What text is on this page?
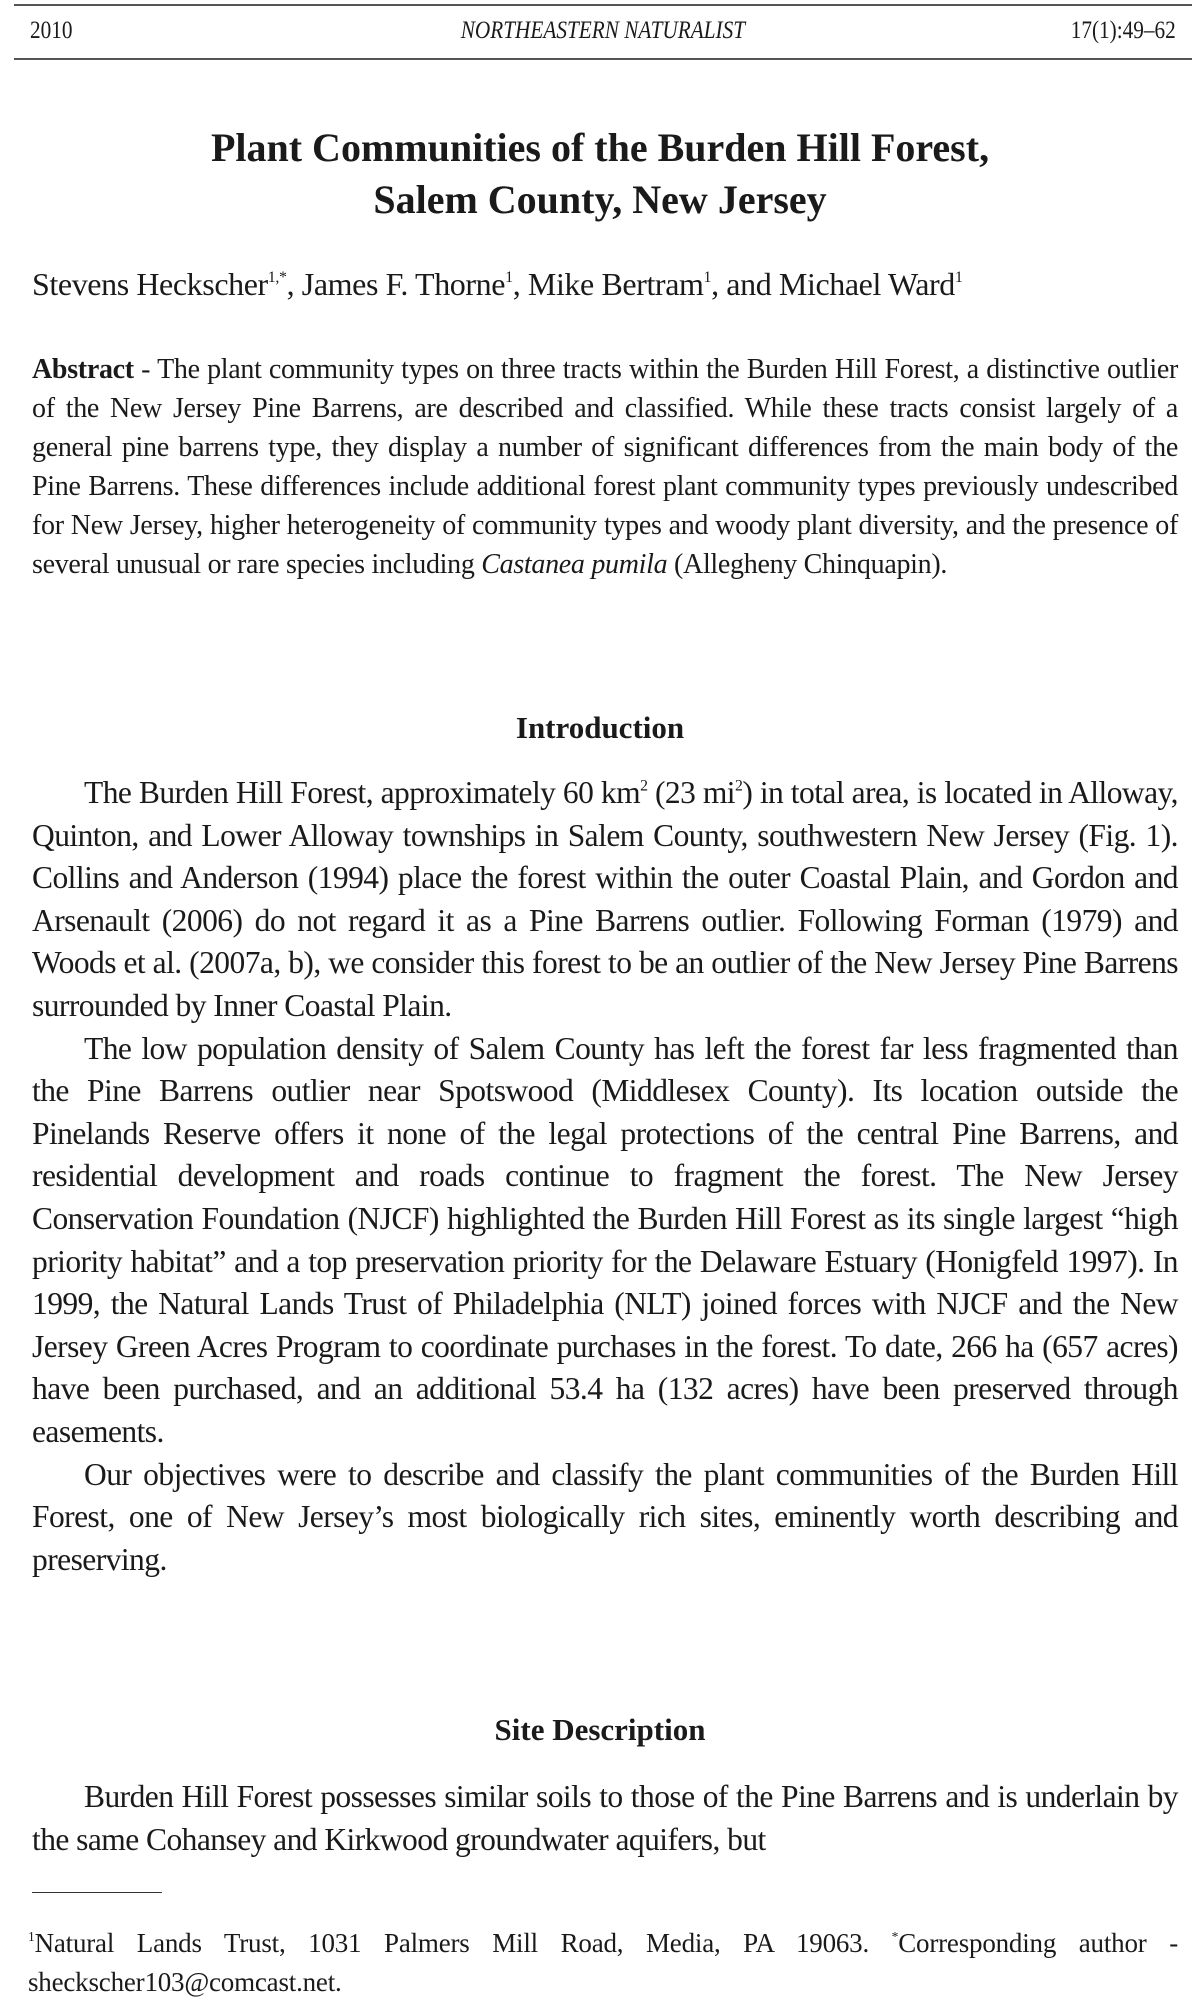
2010	NORTHEASTERN NATURALIST	17(1):49–62
Plant Communities of the Burden Hill Forest,
Salem County, New Jersey
Stevens Heckscher$^{1,*}$, James F. Thorne$^1$, Mike Bertram$^1$, and Michael Ward$^1$
Abstract - The plant community types on three tracts within the Burden Hill Forest, a distinctive outlier of the New Jersey Pine Barrens, are described and classified. While these tracts consist largely of a general pine barrens type, they display a number of significant differences from the main body of the Pine Barrens. These differences include additional forest plant community types previously undescribed for New Jersey, higher heterogeneity of community types and woody plant diversity, and the presence of several unusual or rare species including Castanea pumila (Allegheny Chinquapin).
Introduction

The Burden Hill Forest, approximately 60 $km^2$ (23 $mi^2$) in total area, is located in Alloway, Quinton, and Lower Alloway townships in Salem County, southwestern New Jersey (Fig. 1). Collins and Anderson (1994) place the forest within the outer Coastal Plain, and Gordon and Arsenault (2006) do not regard it as a Pine Barrens outlier. Following Forman (1979) and Woods et al. (2007a, b), we consider this forest to be an outlier of the New Jersey Pine Barrens surrounded by Inner Coastal Plain.

The low population density of Salem County has left the forest far less fragmented than the Pine Barrens outlier near Spotswood (Middlesex County). Its location outside the Pinelands Reserve offers it none of the legal protections of the central Pine Barrens, and residential development and roads continue to fragment the forest. The New Jersey Conservation Foundation (NJCF) highlighted the Burden Hill Forest as its single largest “high priority habitat” and a top preservation priority for the Delaware Estuary (Honigfeld 1997). In 1999, the Natural Lands Trust of Philadelphia (NLT) joined forces with NJCF and the New Jersey Green Acres Program to coordinate purchases in the forest. To date, 266 ha (657 acres) have been purchased, and an additional 53.4 ha (132 acres) have been preserved through easements.

Our objectives were to describe and classify the plant communities of the Burden Hill Forest, one of New Jersey’s most biologically rich sites, eminently worth describing and preserving.

Site Description

Burden Hill Forest possesses similar soils to those of the Pine Barrens and is underlain by the same Cohansey and Kirkwood groundwater aquifers, but

$^1$Natural Lands Trust, 1031 Palmers Mill Road, Media, PA 19063. *Corresponding author - sheckscher103@comcast.net.
